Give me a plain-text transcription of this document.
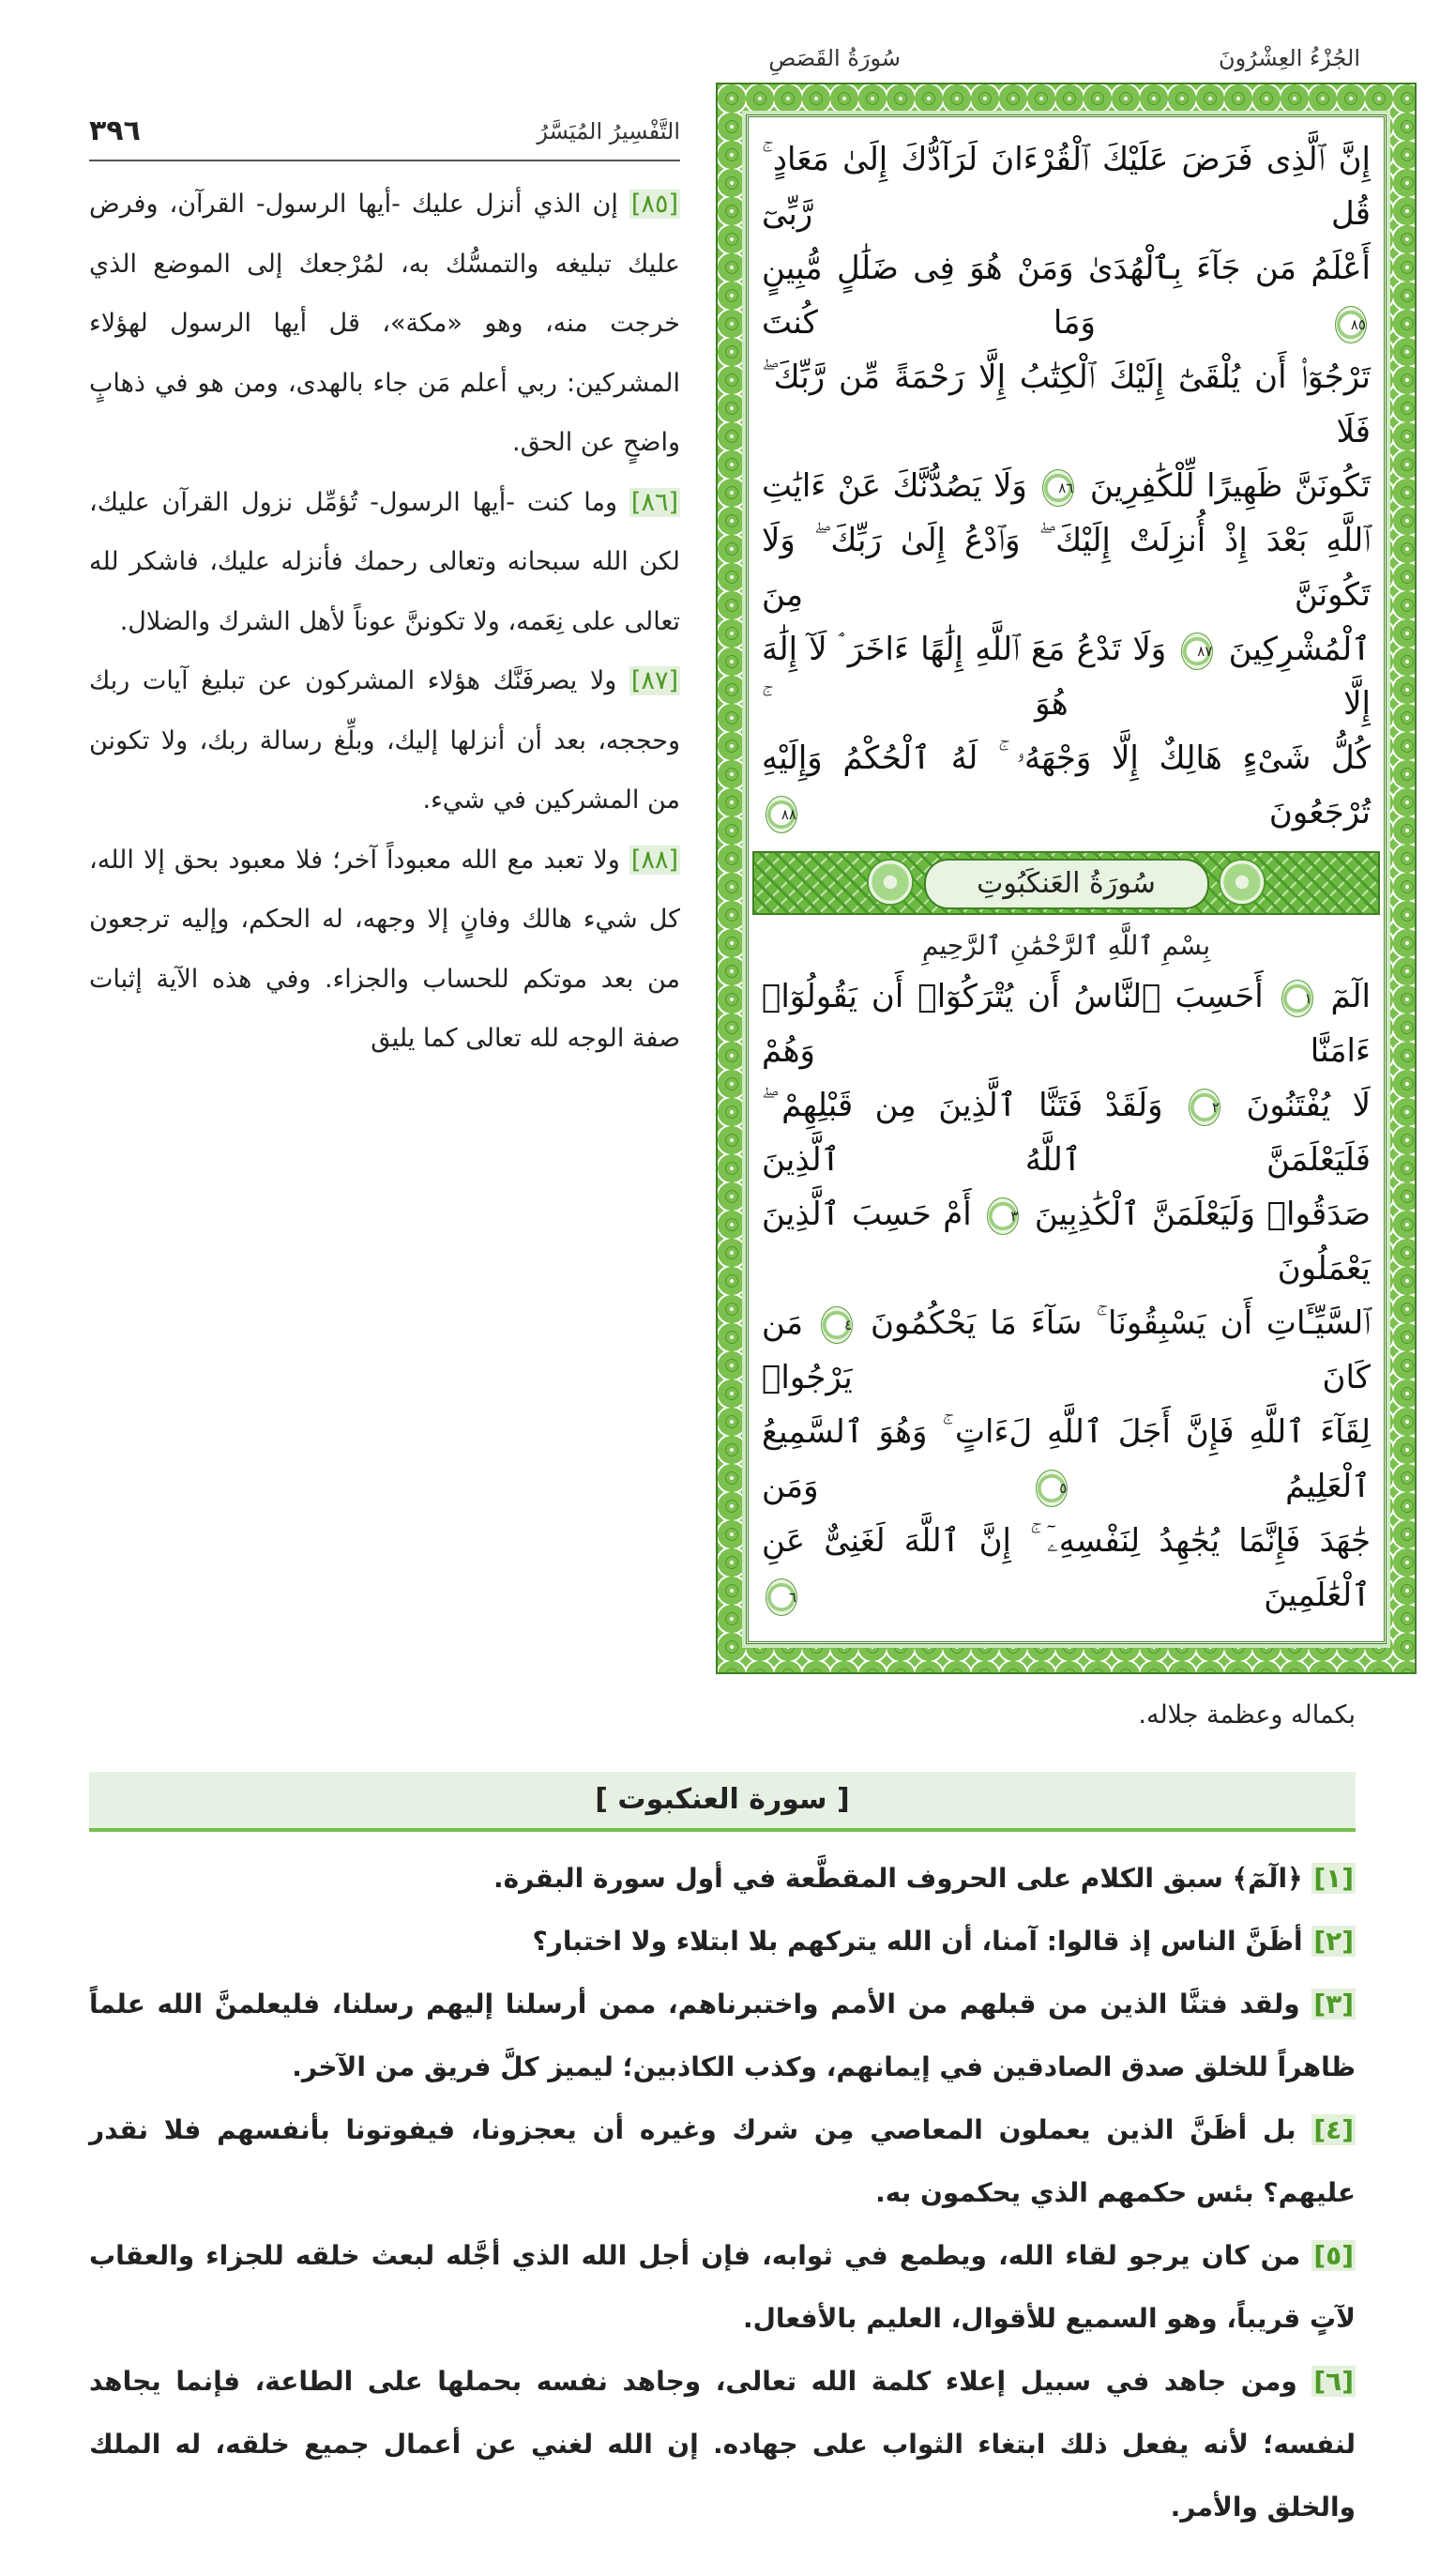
الجُزْءُ العِشْرُونَ
سُورَةُ القَصَصِ
التَّفْسِيرُ المُيَسَّرُ
٣٩٦

[٨٥] إن الذي أنزل عليك -أيها الرسول- القرآن، وفرض عليك تبليغه والتمسُّك به، لمُرْجعك إلى الموضع الذي خرجت منه، وهو «مكة»، قل أيها الرسول لهؤلاء المشركين: ربي أعلم مَن جاء بالهدى، ومن هو في ذهابٍ واضحٍ عن الحق.

[٨٦] وما كنت -أيها الرسول- تُؤمِّل نزول القرآن عليك، لكن الله سبحانه وتعالى رحمك فأنزله عليك، فاشكر لله تعالى على نِعَمه، ولا تكوننَّ عوناً لأهل الشرك والضلال.

[٨٧] ولا يصرفَنَّك هؤلاء المشركون عن تبليغ آيات ربك وحججه، بعد أن أنزلها إليك، وبلِّغ رسالة ربك، ولا تكونن من المشركين في شيء.

[٨٨] ولا تعبد مع الله معبوداً آخر؛ فلا معبود بحق إلا الله، كل شيء هالك وفانٍ إلا وجهه، له الحكم، وإليه ترجعون من بعد موتكم للحساب والجزاء. وفي هذه الآية إثبات صفة الوجه لله تعالى كما يليق

إِنَّ ٱلَّذِى فَرَضَ عَلَيْكَ ٱلْقُرْءَانَ لَرَآدُّكَ إِلَىٰ مَعَادٍ ۚ قُل رَّبِّىٓ
أَعْلَمُ مَن جَآءَ بِٱلْهُدَىٰ وَمَنْ هُوَ فِى ضَلَٰلٍ مُّبِينٍ ٨٥ وَمَا كُنتَ
تَرْجُوٓا۟ أَن يُلْقَىٰٓ إِلَيْكَ ٱلْكِتَٰبُ إِلَّا رَحْمَةً مِّن رَّبِّكَ ۖ فَلَا
تَكُونَنَّ ظَهِيرًا لِّلْكَٰفِرِينَ ٨٦ وَلَا يَصُدُّنَّكَ عَنْ ءَايَٰتِ
ٱللَّهِ بَعْدَ إِذْ أُنزِلَتْ إِلَيْكَ ۖ وَٱدْعُ إِلَىٰ رَبِّكَ ۖ وَلَا تَكُونَنَّ مِنَ
ٱلْمُشْرِكِينَ ٨٧ وَلَا تَدْعُ مَعَ ٱللَّهِ إِلَٰهًا ءَاخَرَ ۘ لَآ إِلَٰهَ إِلَّا هُوَ ۚ
كُلُّ شَىْءٍ هَالِكٌ إِلَّا وَجْهَهُۥ ۚ لَهُ ٱلْحُكْمُ وَإِلَيْهِ تُرْجَعُونَ ٨٨
سُورَةُ العَنكَبُوتِ
بِسْمِ ٱللَّهِ ٱلرَّحْمَٰنِ ٱلرَّحِيمِ
الٓمٓ ١ أَحَسِبَ ٱلنَّاسُ أَن يُتْرَكُوٓا۟ أَن يَقُولُوٓا۟ ءَامَنَّا وَهُمْ
لَا يُفْتَنُونَ ٢ وَلَقَدْ فَتَنَّا ٱلَّذِينَ مِن قَبْلِهِمْ ۖ فَلَيَعْلَمَنَّ ٱللَّهُ ٱلَّذِينَ
صَدَقُوا۟ وَلَيَعْلَمَنَّ ٱلْكَٰذِبِينَ ٣ أَمْ حَسِبَ ٱلَّذِينَ يَعْمَلُونَ
ٱلسَّيِّـَٔاتِ أَن يَسْبِقُونَا ۚ سَآءَ مَا يَحْكُمُونَ ٤ مَن كَانَ يَرْجُوا۟
لِقَآءَ ٱللَّهِ فَإِنَّ أَجَلَ ٱللَّهِ لَءَاتٍ ۚ وَهُوَ ٱلسَّمِيعُ ٱلْعَلِيمُ ٥ وَمَن
جَٰهَدَ فَإِنَّمَا يُجَٰهِدُ لِنَفْسِهِۦٓ ۚ إِنَّ ٱللَّهَ لَغَنِىٌّ عَنِ ٱلْعَٰلَمِينَ ٦
بكماله وعظمة جلاله.
[ سورة العنكبوت ]

[١] ﴿الٓمٓ﴾ سبق الكلام على الحروف المقطَّعة في أول سورة البقرة.

[٢] أظَنَّ الناس إذ قالوا: آمنا، أن الله يتركهم بلا ابتلاء ولا اختبار؟

[٣] ولقد فتنَّا الذين من قبلهم من الأمم واختبرناهم، ممن أرسلنا إليهم رسلنا، فليعلمنَّ الله علماً ظاهراً للخلق صدق الصادقين في إيمانهم، وكذب الكاذبين؛ ليميز كلَّ فريق من الآخر.

[٤] بل أظَنَّ الذين يعملون المعاصي مِن شرك وغيره أن يعجزونا، فيفوتونا بأنفسهم فلا نقدر عليهم؟ بئس حكمهم الذي يحكمون به.

[٥] من كان يرجو لقاء الله، ويطمع في ثوابه، فإن أجل الله الذي أجَّله لبعث خلقه للجزاء والعقاب لآتٍ قريباً، وهو السميع للأقوال، العليم بالأفعال.

[٦] ومن جاهد في سبيل إعلاء كلمة الله تعالى، وجاهد نفسه بحملها على الطاعة، فإنما يجاهد لنفسه؛ لأنه يفعل ذلك ابتغاء الثواب على جهاده. إن الله لغني عن أعمال جميع خلقه، له الملك والخلق والأمر.
